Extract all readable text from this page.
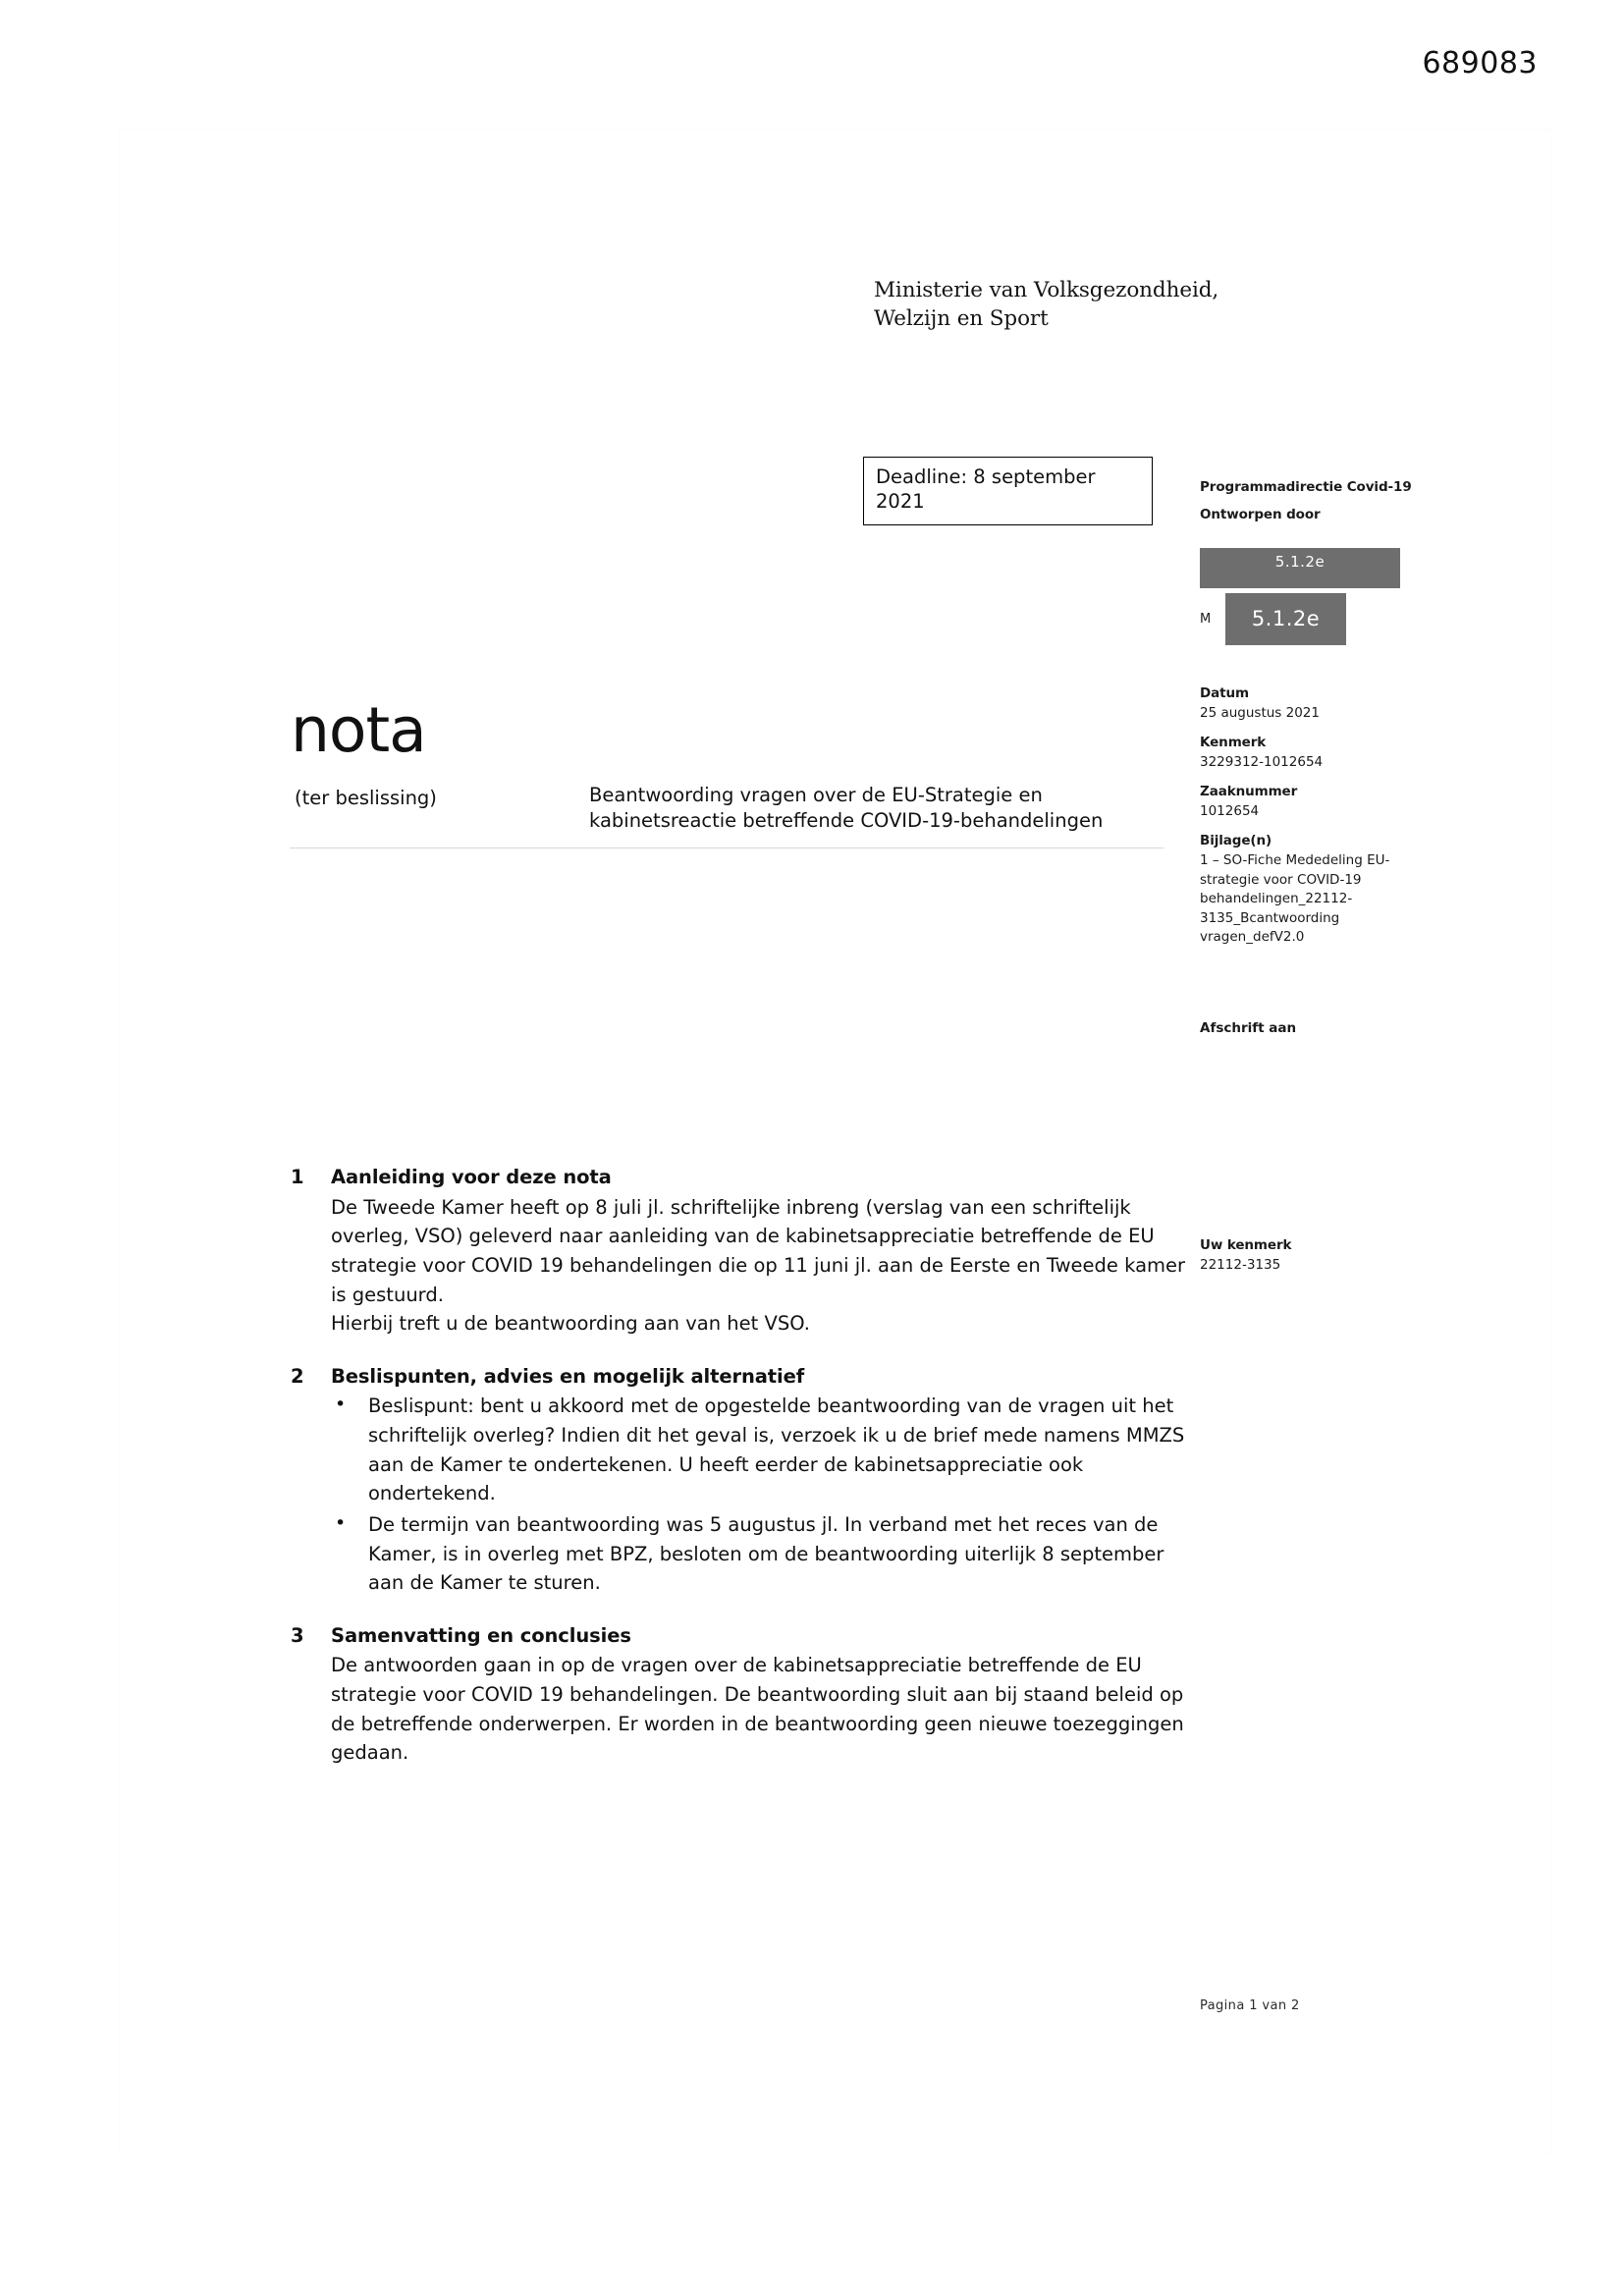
689083
Ministerie van Volksgezondheid,
Welzijn en Sport
Deadline: 8 september 2021
Programmadirectie Covid-19
Ontworpen door
5.1.2e
M	5.1.2e
Datum
25 augustus 2021
Kenmerk
3229312-1012654
Zaaknummer
1012654
Bijlage(n)
1 – SO-Fiche Mededeling EU-strategie voor COVID-19 behandelingen_22112-3135_Bcantwoording vragen_defV2.0
Afschrift aan
Uw kenmerk
22112-3135
nota
(ter beslissing)	Beantwoording vragen over de EU-Strategie en kabinetsreactie betreffende COVID-19-behandelingen
1	Aanleiding voor deze nota

De Tweede Kamer heeft op 8 juli jl. schriftelijke inbreng (verslag van een schriftelijk overleg, VSO) geleverd naar aanleiding van de kabinetsappreciatie betreffende de EU strategie voor COVID 19 behandelingen die op 11 juni jl. aan de Eerste en Tweede kamer is gestuurd.

Hierbij treft u de beantwoording aan van het VSO.

2	Beslispunten, advies en mogelijk alternatief
• Beslispunt: bent u akkoord met de opgestelde beantwoording van de vragen uit het schriftelijk overleg? Indien dit het geval is, verzoek ik u de brief mede namens MMZS aan de Kamer te ondertekenen. U heeft eerder de kabinetsappreciatie ook ondertekend.
• De termijn van beantwoording was 5 augustus jl. In verband met het reces van de Kamer, is in overleg met BPZ, besloten om de beantwoording uiterlijk 8 september aan de Kamer te sturen.
3	Samenvatting en conclusies

De antwoorden gaan in op de vragen over de kabinetsappreciatie betreffende de EU strategie voor COVID 19 behandelingen. De beantwoording sluit aan bij staand beleid op de betreffende onderwerpen. Er worden in de beantwoording geen nieuwe toezeggingen gedaan.

Pagina 1 van 2
